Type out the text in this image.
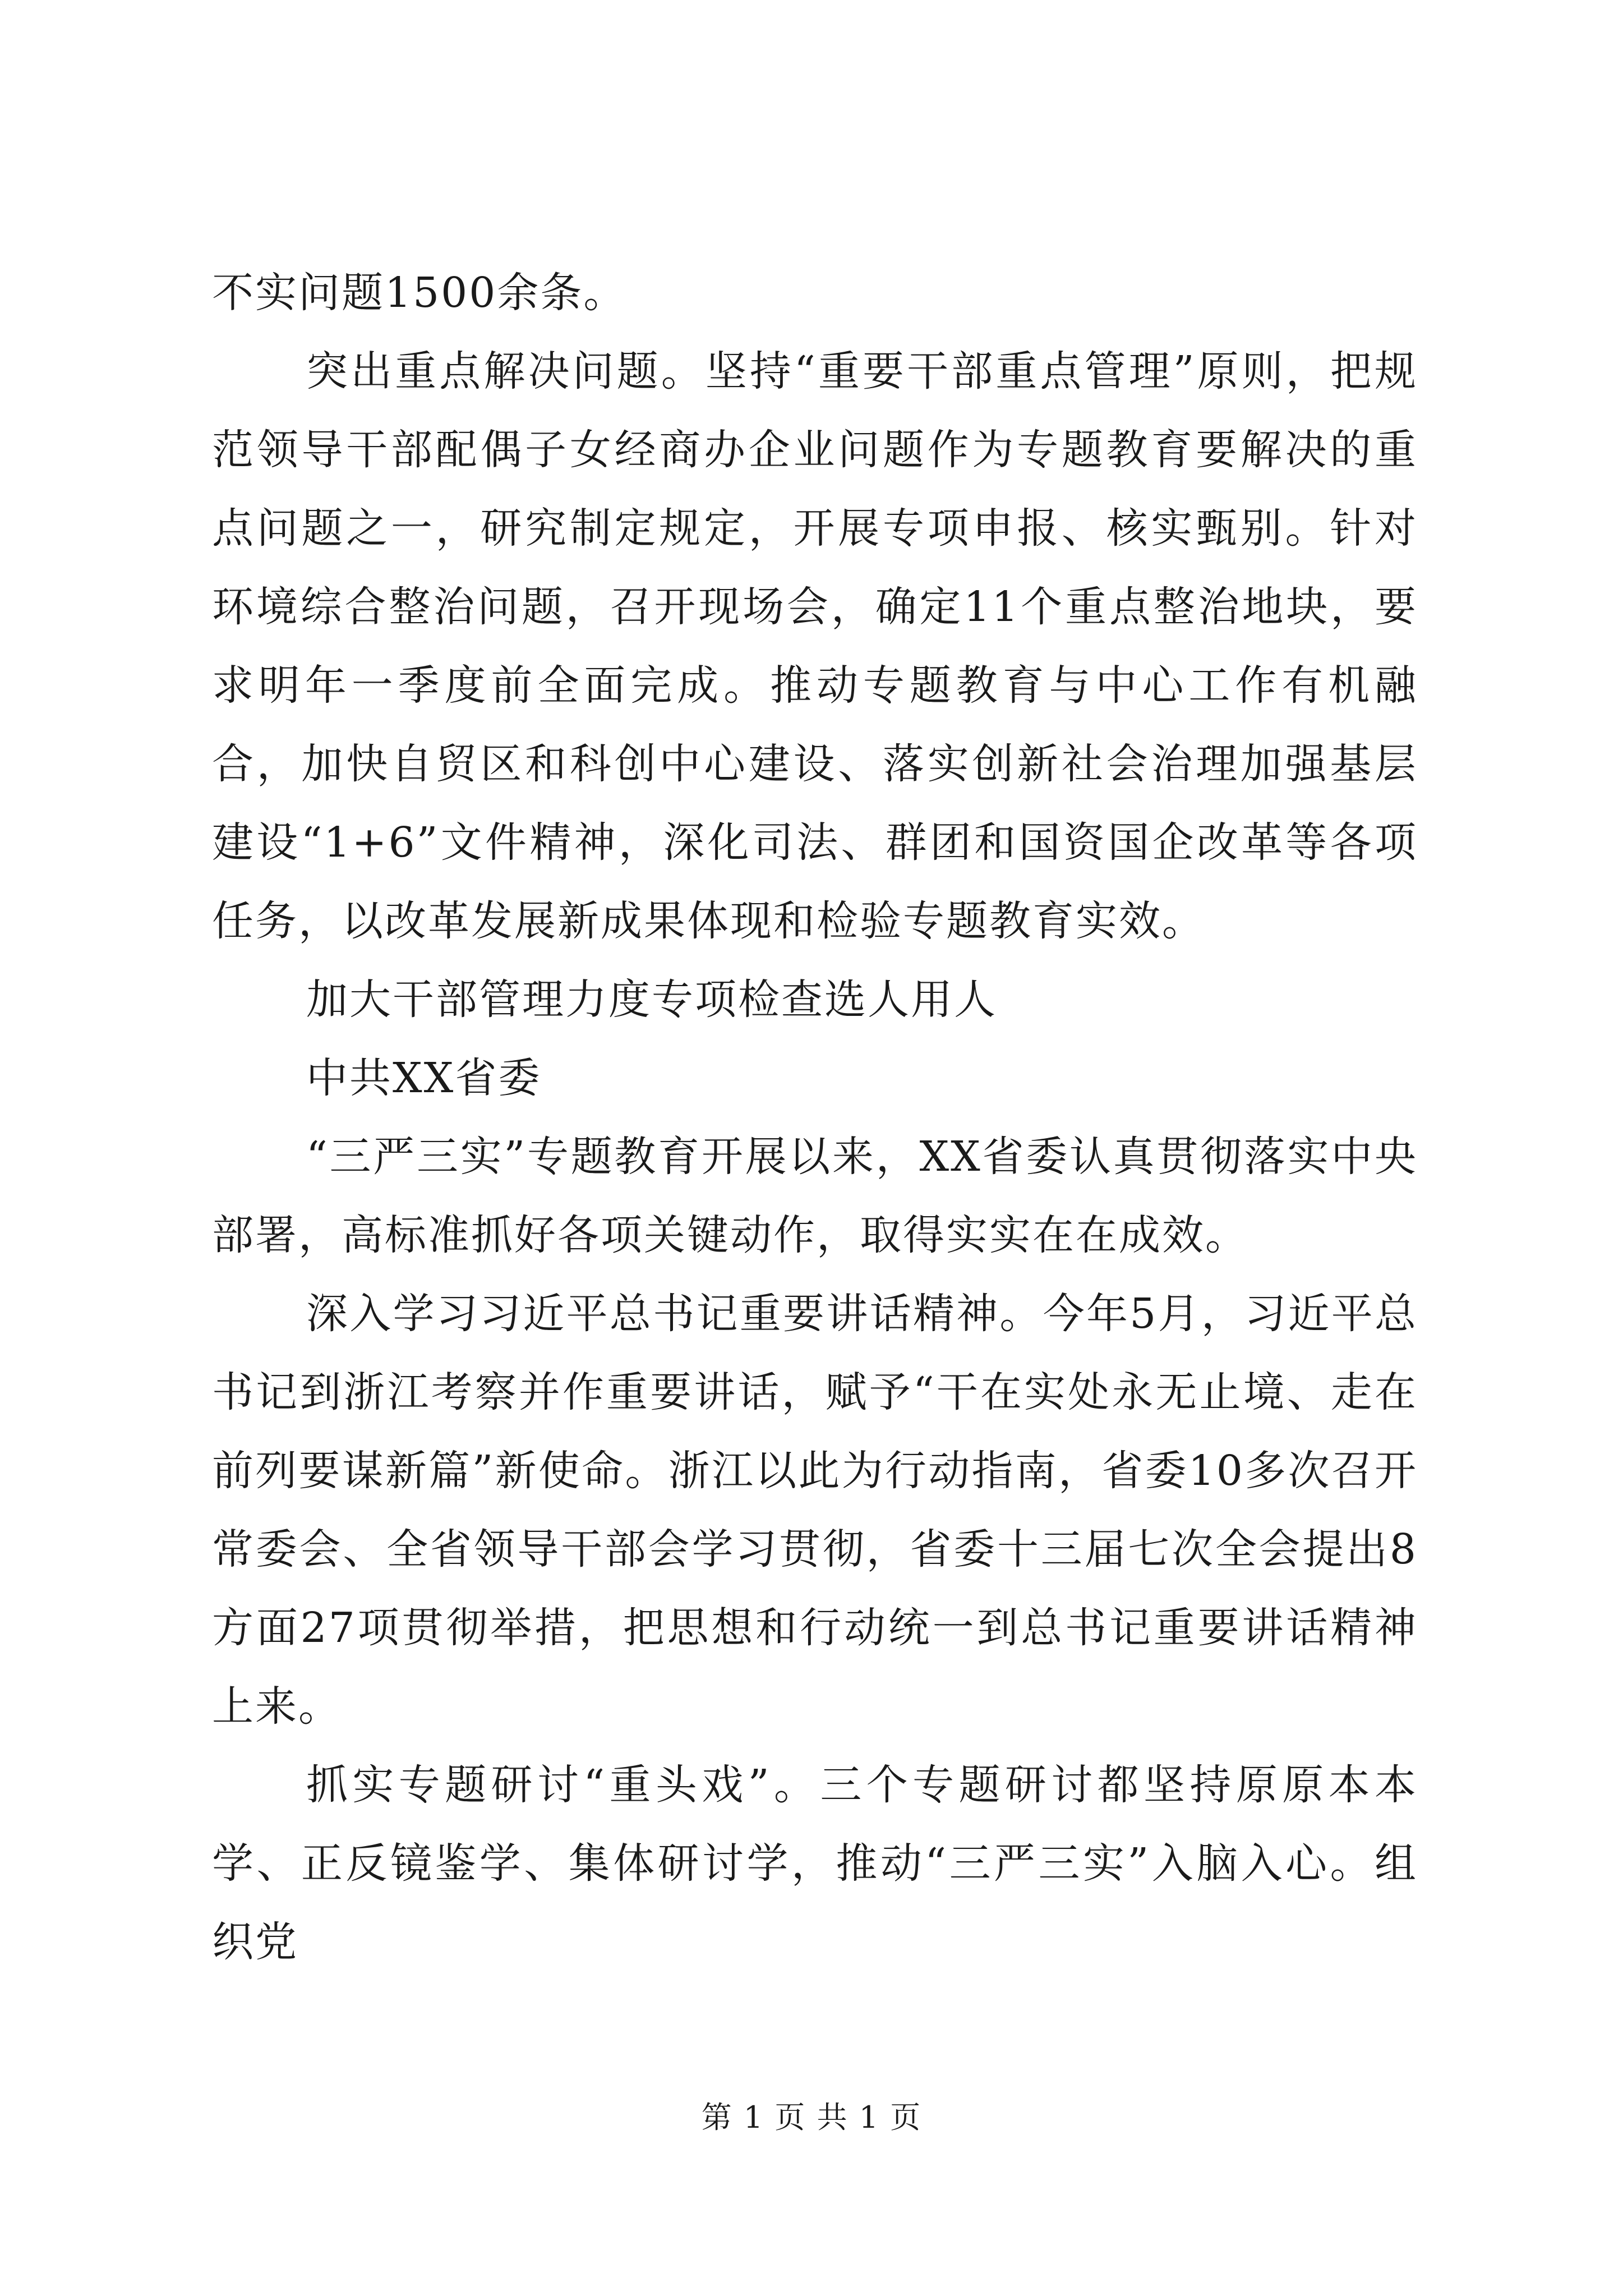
不实问题1500余条。

突出重点解决问题。坚持“重要干部重点管理”原则，把规范领导干部配偶子女经商办企业问题作为专题教育要解决的重点问题之一，研究制定规定，开展专项申报、核实甄别。针对环境综合整治问题，召开现场会，确定11个重点整治地块，要求明年一季度前全面完成。推动专题教育与中心工作有机融合，加快自贸区和科创中心建设、落实创新社会治理加强基层建设“1+6”文件精神，深化司法、群团和国资国企改革等各项任务，以改革发展新成果体现和检验专题教育实效。

加大干部管理力度专项检查选人用人

中共XX省委

“三严三实”专题教育开展以来，XX省委认真贯彻落实中央部署，高标准抓好各项关键动作，取得实实在在成效。

深入学习习近平总书记重要讲话精神。今年5月，习近平总书记到浙江考察并作重要讲话，赋予“干在实处永无止境、走在前列要谋新篇”新使命。浙江以此为行动指南，省委10多次召开常委会、全省领导干部会学习贯彻，省委十三届七次全会提出8方面27项贯彻举措，把思想和行动统一到总书记重要讲话精神上来。

抓实专题研讨“重头戏”。三个专题研讨都坚持原原本本学、正反镜鉴学、集体研讨学，推动“三严三实”入脑入心。组织党

第 1 页 共 1 页
